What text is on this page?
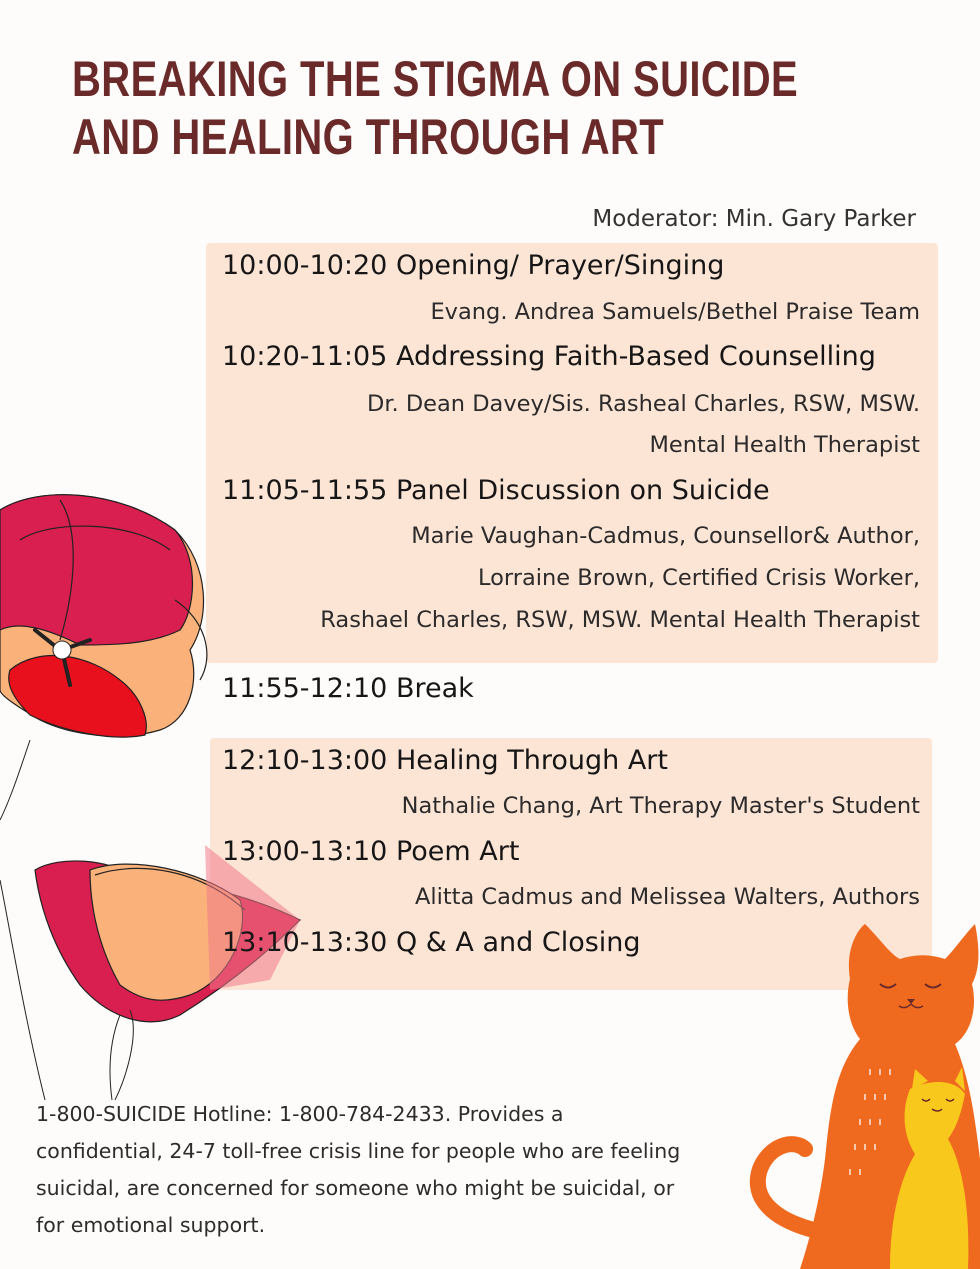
BREAKING THE STIGMA ON SUICIDE
AND HEALING THROUGH ART
Moderator: Min. Gary Parker
10:00-10:20 Opening/ Prayer/Singing
Evang. Andrea Samuels/Bethel Praise Team
10:20-11:05 Addressing Faith-Based Counselling
Dr. Dean Davey/Sis. Rasheal Charles, RSW, MSW.
Mental Health Therapist
11:05-11:55 Panel Discussion on Suicide
Marie Vaughan-Cadmus, Counsellor& Author,
Lorraine Brown, Certified Crisis Worker,
Rashael Charles, RSW, MSW. Mental Health Therapist
11:55-12:10 Break
12:10-13:00 Healing Through Art
Nathalie Chang, Art Therapy Master's Student
13:00-13:10 Poem Art
Alitta Cadmus and Melissea Walters, Authors
13:10-13:30 Q & A and Closing
1-800-SUICIDE Hotline: 1-800-784-2433. Provides a
confidential, 24-7 toll-free crisis line for people who are feeling
suicidal, are concerned for someone who might be suicidal, or
for emotional support.
